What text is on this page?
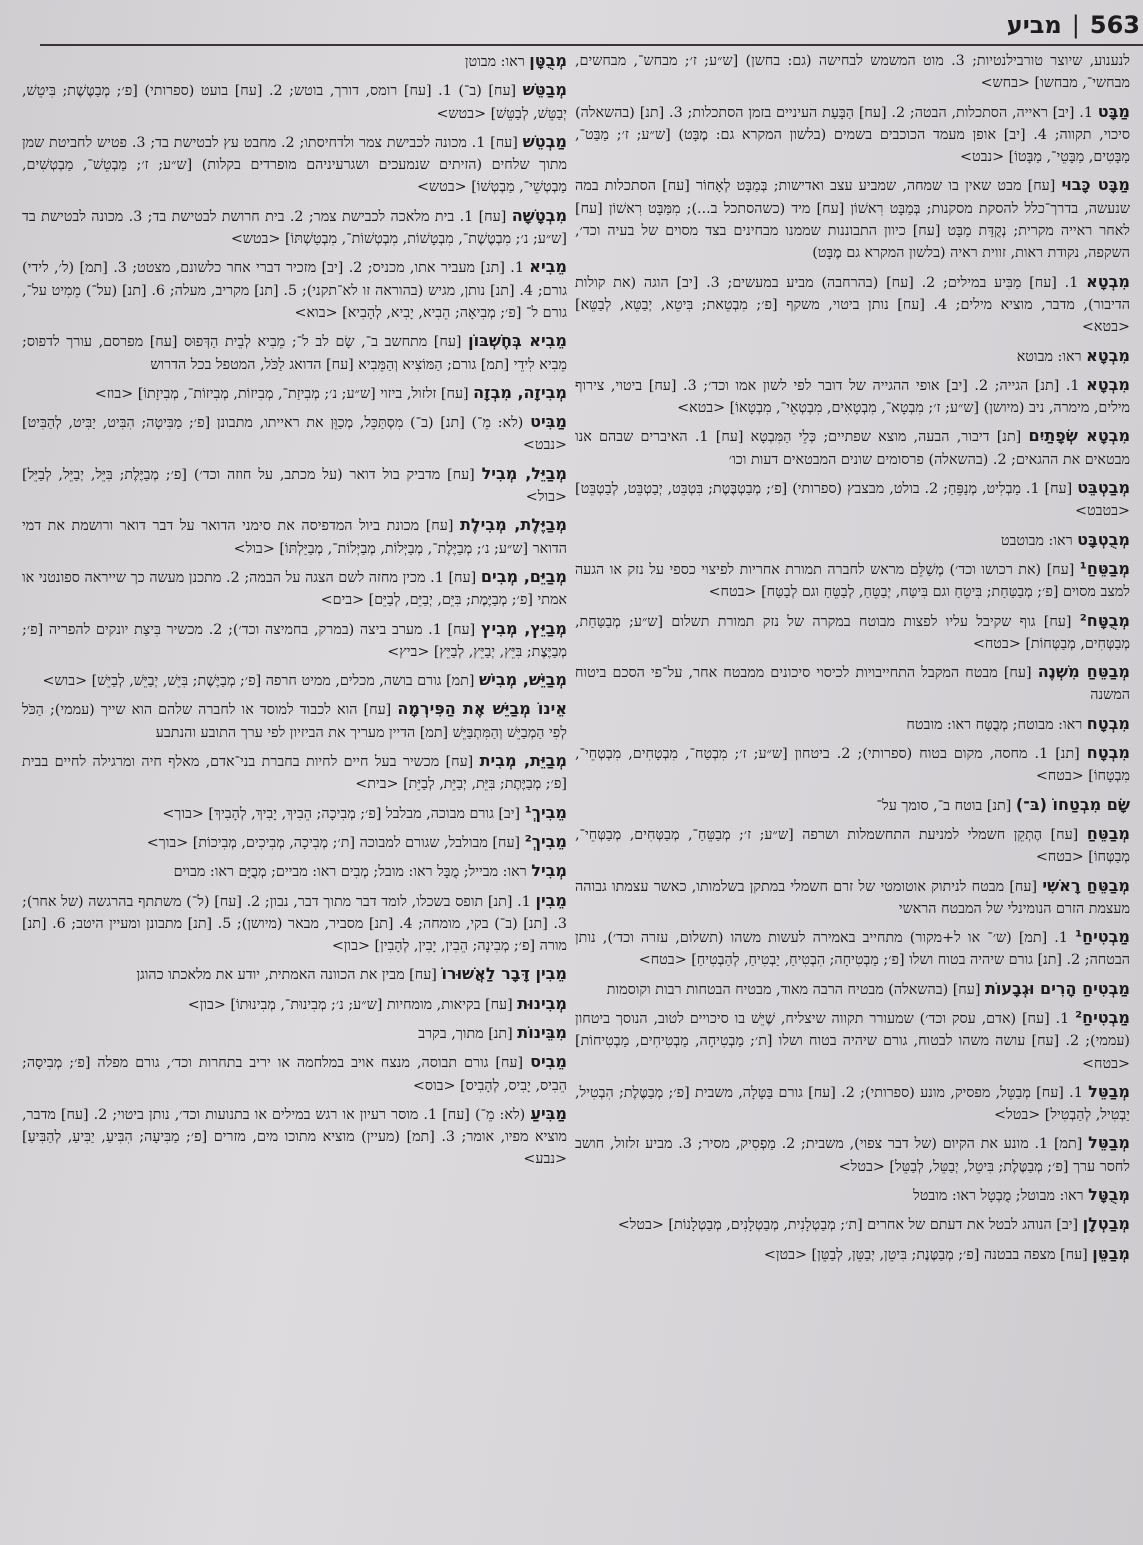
563
|
מביע

לנענוע, שיוצר טורבילנטיות; 3. מוט המשמש לבחישה (גם: בחשן) [ש״ע; ז׳; מבחש־, מבחשים, מבחשי־, מבחשו] <בחש>

מַבָּט 1. [יב] ראייה, הסתכלות, הבטה; 2. [עח] הַבָּעַת העיניים בזמן הסתכלות; 3. [תנ] (בהשאלה) סיכוי, תקווה; 4. [יב] אופן מעמד הכוכבים בשמים (בלשון המקרא גם: מֶבָּט) [ש״ע; ז׳; מַבַּט־, מַבָּטִים, מַבָּטֵי־, מַבָּטוֹ] <נבט>

מַבָּט כָּבוּי [עח] מבט שאין בו שמחה, שמביע עצב ואדישות; בְּמַבָּט לְאָחוֹר [עח] הסתכלות במה שנעשה, בדרך־כלל להסקת מסקנות; בְּמַבָּט רִאשׁוֹן [עח] מיד (כשהסתכל ב...); מִמַּבָּט רִאשׁוֹן [עח] לאחר ראייה מקרית; נְקֻדַּת מַבָּט [עח] כיוון התבוננות שממנו מבחינים בצד מסוים של בעיה וכד׳, השקפה, נקודת ראות, זווית ראיה (בלשון המקרא גם מֶבָּט)

מִבְטָא 1. [עח] מַבִּיע במילים; 2. [עח] (בהרחבה) מביע במעשים; 3. [יב] הוגה (את קולות הדיבור), מדבר, מוציא מילים; 4. [עח] נותן ביטוי, משקף [פ׳; מִבְטֵאת; בִּיטֵא, יְבַטֵּא, לְבַטֵּא] <בטא>

מִבְטָא ראו: מבוטא

מִבְטָא 1. [תנ] הגייה; 2. [יב] אופי ההגייה של דובר לפי לשון אמו וכד׳; 3. [עח] ביטוי, צירוף מילים, מימרה, ניב (מיושן) [ש״ע; ז׳; מִבְטָא־, מִבְטָאִים, מִבְטְאֵי־, מִבְטָאוֹ] <בטא>

מִבְטָא שְׂפָתַיִם [תנ] דיבור, הבעה, מוצא שפתיים; כְּלֵי הַמִּבְטָא [עח] 1. האיברים שבהם אנו מבטאים את ההגאים; 2. (בהשאלה) פרסומים שונים המבטאים דעות וכו׳

מְבַטְבֵּט [עח] 1. מַבְלִיט, מְנַפֵּחַ; 2. בולט, מבצבץ (ספרותי) [פ׳; מְבַטְבֶּטֶת; בִּטְבֵּט, יְבַטְבֵּט, לְבַטְבֵּט] <בטבט>

מְבֻטְבָּט ראו: מבוטבט

מְבַטֵּחַ¹ [עח] (את רכושו וכד׳) מְשַׁלֵּם מראש לחברה תמורת אחריות לפיצוי כספי על נזק או הגעה למצב מסוים [פ׳; מְבַטַּחַת; בִּיטֵחַ וגם בִּיטַּח, יְבַטֵּחַ, לְבַטֵּחַ וגם לְבַטַּח] <בטח>

מְבֻטָּח² [עח] גוף שקיבל עליו לפצות מבוטח במקרה של נזק תמורת תשלום [ש״ע; מְבַטַּחַת, מְבַטְּחִים, מְבַטְּחוֹת] <בטח>

מְבַטֵּחַ מִשְׁנֶה [עח] מבטח המקבל התחייבויות לכיסוי סיכונים ממבטח אחר, על־פי הסכם ביטוח המשנה

מִבְטָח ראו: מבוטח; מְבֻטָּח ראו: מובטח

מִבְטָח [תנ] 1. מחסה, מקום בטוח (ספרותי); 2. ביטחון [ש״ע; ז׳; מִבְטַח־, מִבְטָחִים, מִבְטְחֵי־, מִבְטָחוֹ] <בטח>

שָׂם מִבְטַחוֹ (בּ־) [תנ] בוטח ב־, סומך על־

מְבַטֵּחַ [עח] הֶתְקֵן חשמלי למניעת התחשמלות ושרפה [ש״ע; ז׳; מְבַטֵּחַ־, מְבַטְּחִים, מְבַטְּחֵי־, מְבַטְּחוֹ] <בטח>

מְבַטֵּחַ רָאשִׁי [עח] מבטח לניתוק אוטומטי של זרם חשמלי במתקן בשלמותו, כאשר עצמתו גבוהה מעצמת הזרם הנומינלי של המבטח הראשי

מַבְטִיחַ¹ 1. [תמ] (ש׳־ או ל+מקור) מתחייב באמירה לעשות משהו (תשלום, עזרה וכד׳), נותן הבטחה; 2. [תנ] גורם שיהיה בטוח ושלו [פ׳; מַבְטִיחָה; הִבְטִיחַ, יַבְטִיחַ, לְהַבְטִיחַ] <בטח>

מַבְטִיחַ הָרִים וּגְבָעוֹת [עח] (בהשאלה) מבטיח הרבה מאוד, מבטיח הבטחות רבות וקוסמות

מַבְטִיחַ² 1. [עח] (אדם, עסק וכד׳) שמעורר תקווה שיצליח, שֶׁיֵּשׁ בו סיכויים לטוב, הנוסך ביטחון (עממי); 2. [עח] עושה משהו לבטוח, גורם שיהיה בטוח ושלו [ת׳; מַבְטִיחָה, מַבְטִיחִים, מַבְטִיחוֹת] <בטח>

מְבַטֵּל 1. [עח] מְבַטֵּל, מפסיק, מונע (ספרותי); 2. [עח] גורם בַּטָּלָה, משבית [פ׳; מְבַטֶּלֶת; הִבְטִיל, יַבְטִיל, לְהַבְטִיל] <בטל>

מְבַטֵּל [תמ] 1. מונע את הקיום (של דבר צפוי), משבית; 2. מַפְסִיק, מסיר; 3. מביע זלזול, חושב לחסר ערך [פ׳; מְבַטֶּלֶת; בִּיטֵל, יְבַטֵּל, לְבַטֵּל] <בטל>

מְבֻטָּל ראו: מבוטל; מֻבְטָל ראו: מובטל

מְבַטְלָן [יב] הנוהג לבטל את דעתם של אחרים [ת׳; מְבַטְלָנִית, מְבַטְלָנִים, מְבַטְלָנוֹת] <בטל>

מְבַטֵּן [עח] מצפה בבטנה [פ׳; מְבַטֶּנֶת; בִּיטֵן, יְבַטֵּן, לְבַטֵּן] <בטן>

מְבֻטָּן ראו: מבוטן

מְבַטֵּשׁ [עח] (ב־) 1. [עח] רומס, דורך, בוטש; 2. [עח] בועט (ספרותי) [פ׳; מְבַטֶּשֶׁת; בִּיטֵשׁ, יְבַטֵּשׁ, לְבַטֵּשׁ] <בטש>

מַבְטֵשׁ [עח] 1. מכונה לכבישת צמר ולדחיסתו; 2. מחבט עץ לבטישת בד; 3. פטיש לחביטת שמן מתוך שלחים (הזיתים שנמעכים ושגרעיניהם מופרדים בקלות) [ש״ע; ז׳; מַבְטֵשׁ־, מַבְטְשִׁים, מַבְטְשֵׁי־, מַבְטְשׁוֹ] <בטש>

מִבְטָשָׁה [עח] 1. בית מלאכה לכבישת צמר; 2. בית חרושת לבטישת בד; 3. מכונה לבטישת בד [ש״ע; נ׳; מִבְטֶשֶׁת־, מִבְטָשׁוֹת, מִבְטְשׁוֹת־, מִבְטַשְׁתּוֹ] <בטש>

מֵבִיא 1. [תנ] מעביר אתו, מכניס; 2. [יב] מזכיר דברי אחר כלשונם, מצטט; 3. [תמ] (ל׳, לידי) גורם; 4. [תנ] נותן, מגיש (בהוראה זו לא־תקני); 5. [תנ] מקריב, מעלה; 6. [תנ] (על־) מֵמִיט על־, גורם ל־ [פ׳; מְבִיאָה; הֵבִיא, יָבִיא, לְהָבִיא] <בוא>

מֵבִיא בְּחֶשְׁבּוֹן [עח] מתחשב ב־, שָׂם לב ל־; מֵבִיא לְבֵית הַדְּפוּס [עח] מפרסם, עורך לדפוס; מֵבִיא לִידֵי [תמ] גורם; הַמּוֹצִיא וְהַמֵּבִיא [עח] הדואג לַכֹּל, המטפל בכל הדרוש

מְבִיזָה, מִבְזָה [עח] זלזול, ביזוי [ש״ע; נ׳; מְבִיזַת־, מְבִיזוֹת, מְבִיזוֹת־, מְבִיזָתוֹ] <בוז>

מַבִּיט (לא: מֵ־) [תנ] (ב־) מִסְתַּכֵּל, מְכַוֵּן את ראייתו, מתבונן [פ׳; מַבִּיטָה; הִבִּיט, יַבִּיט, לְהַבִּיט] <נבט>

מְבַיֵּל, מְבִיל [עח] מדביק בול דואר (על מכתב, על חוזה וכד׳) [פ׳; מְבַיֶּלֶת; בִּיֵּל, יְבַיֵּל, לְבַיֵּל] <בול>

מְבַיֶּלֶת, מְבִילֶת [עח] מכונת ביול המדפיסה את סימני הדואר על דבר דואר ורושמת את דמי הדואר [ש״ע; נ׳; מְבַיֶּלֶת־, מְבַיְּלוֹת, מְבַיְּלוֹת־, מְבַיַּלְתּוֹ] <בול>

מְבַיֵּם, מְבִים [עח] 1. מכין מחזה לשם הצגה על הבמה; 2. מתכנן מעשה כך שייראה ספונטני או אמתי [פ׳; מְבַיֶּמֶת; בִּיֵּם, יְבַיֵּם, לְבַיֵּם] <בים>

מְבַיֵּץ, מְבִיץ [עח] 1. מערב ביצה (במרק, בחמיצה וכד׳); 2. מכשיר בִּיצַת יונקים להפריה [פ׳; מְבַיֶּצֶת; בִּיֵּץ, יְבַיֵּץ, לְבַיֵּץ] <ביץ>

מְבַיֵּשׁ, מְבִישׁ [תמ] גורם בושה, מכלים, ממיט חרפה [פ׳; מְבַיֶּשֶׁת; בִּיֵּשׁ, יְבַיֵּשׁ, לְבַיֵּשׁ] <בוש>

אֵינוֹ מְבַיֵּשׁ אֶת הַפִּירְמָה [עח] הוא לכבוד למוסד או לחברה שלהם הוא שייך (עממי); הַכֹּל לְפִי הַמְבַיֵּשׁ וְהַמִּתְבַּיֵּשׁ [תמ] הדיין מעריך את הביזיון לפי ערך התובע והנתבע

מְבַיֵּת, מְבִית [עח] מכשיר בעל חיים לחיות בחברת בני־אדם, מאלף חיה ומרגילה לחיים בבית [פ׳; מְבַיֶּתֶת; בִּיֵּת, יְבַיֵּת, לְבַיֵּת] <בית>

מֵבִיךְ¹ [יב] גורם מבוכה, מבלבל [פ׳; מְבִיכָה; הֵבִיךְ, יָבִיךְ, לְהָבִיךְ] <בוך>

מֵבִיךְ² [עח] מבולבל, שגורם למבוכה [ת׳; מְבִיכָה, מְבִיכִים, מְבִיכוֹת] <בוך>

מְבִיל ראו: מבייל; מֻבָּל ראו: מובל; מְבִים ראו: מביים; מְבֻיָּם ראו: מבוים

מֵבִין 1. [תנ] תופס בשכלו, לומד דבר מתוך דבר, נבון; 2. [עח] (ל־) משתתף בהרגשה (של אחר); 3. [תנ] (ב־) בקי, מומחה; 4. [תנ] מסביר, מבאר (מיושן); 5. [תנ] מתבונן ומעיין היטב; 6. [תנ] מורה [פ׳; מְבִינָה; הֵבִין, יָבִין, לְהָבִין] <בון>

מֵבִין דָּבָר לַאֲשׁוּרוֹ [עח] מבין את הכוונה האמתית, יודע את מלאכתו כהוגן

מְבִינוּת [עח] בקיאות, מומחיות [ש״ע; נ׳; מְבִינוּת־, מְבִינוּתוֹ] <בון>

מִבֵּינוֹת [תנ] מתוך, בקרב

מֵבִיס [עח] גורם תבוסה, מנצח אויב במלחמה או יריב בתחרות וכד׳, גורם מפלה [פ׳; מְבִיסָה; הֵבִיס, יָבִיס, לְהָבִיס] <בוס>

מַבִּיעַ (לא: מֵ־) [עח] 1. מוסר רעיון או רגש במילים או בתנועות וכד׳, נותן ביטוי; 2. [עח] מדבר, מוציא מפיו, אומר; 3. [תמ] (מעיין) מוציא מתוכו מים, מזרים [פ׳; מַבִּיעָה; הִבִּיעַ, יַבִּיעַ, לְהַבִּיעַ] <נבע>
